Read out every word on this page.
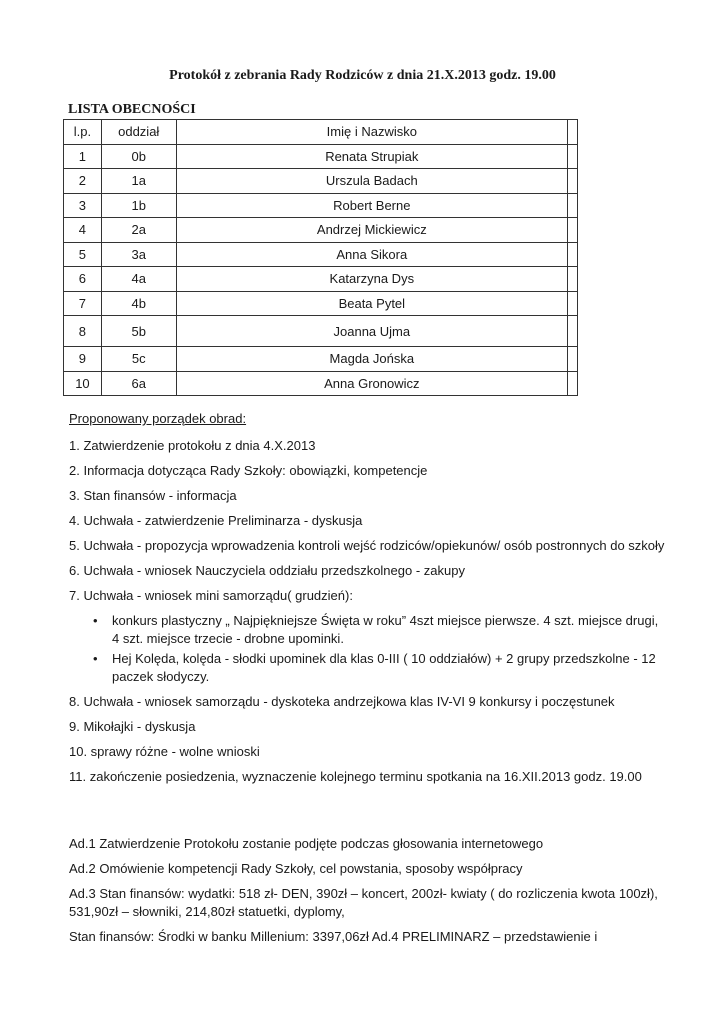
Protokół z zebrania Rady Rodziców z dnia 21.X.2013 godz. 19.00
LISTA OBECNOŚCI
l.p.	oddział	Imię i Nazwisko	
1	0b	Renata Strupiak	
2	1a	Urszula Badach	
3	1b	Robert Berne	
4	2a	Andrzej Mickiewicz	
5	3a	Anna Sikora	
6	4a	Katarzyna Dys	
7	4b	Beata Pytel	
8	5b	Joanna Ujma	
9	5c	Magda Jońska	
10	6a	Anna Gronowicz	
Proponowany porządek obrad:
1. Zatwierdzenie protokołu z dnia 4.X.2013
2. Informacja dotycząca Rady Szkoły: obowiązki, kompetencje
3. Stan finansów - informacja
4. Uchwała - zatwierdzenie Preliminarza - dyskusja
5. Uchwała - propozycja wprowadzenia kontroli wejść rodziców/opiekunów/ osób postronnych do szkoły
6. Uchwała - wniosek Nauczyciela oddziału przedszkolnego - zakupy
7. Uchwała - wniosek mini samorządu( grudzień):
• konkurs plastyczny „ Najpiękniejsze Święta w roku” 4szt miejsce pierwsze. 4 szt. miejsce drugi, 4 szt. miejsce trzecie - drobne upominki.
• Hej Kolęda, kolęda - słodki upominek dla klas 0-III ( 10 oddziałów) + 2 grupy przedszkolne - 12 paczek słodyczy.
8. Uchwała - wniosek samorządu - dyskoteka andrzejkowa klas IV-VI 9 konkursy i poczęstunek
9. Mikołajki - dyskusja
10. sprawy różne - wolne wnioski
11. zakończenie posiedzenia, wyznaczenie kolejnego terminu spotkania na 16.XII.2013 godz. 19.00
Ad.1 Zatwierdzenie Protokołu zostanie podjęte podczas głosowania internetowego
Ad.2 Omówienie kompetencji Rady Szkoły, cel powstania, sposoby współpracy
Ad.3 Stan finansów: wydatki: 518 zł- DEN, 390zł – koncert, 200zł- kwiaty ( do rozliczenia kwota 100zł), 531,90zł – słowniki, 214,80zł statuetki, dyplomy,
Stan finansów: Środki w banku Millenium: 3397,06zł Ad.4 PRELIMINARZ – przedstawienie i
